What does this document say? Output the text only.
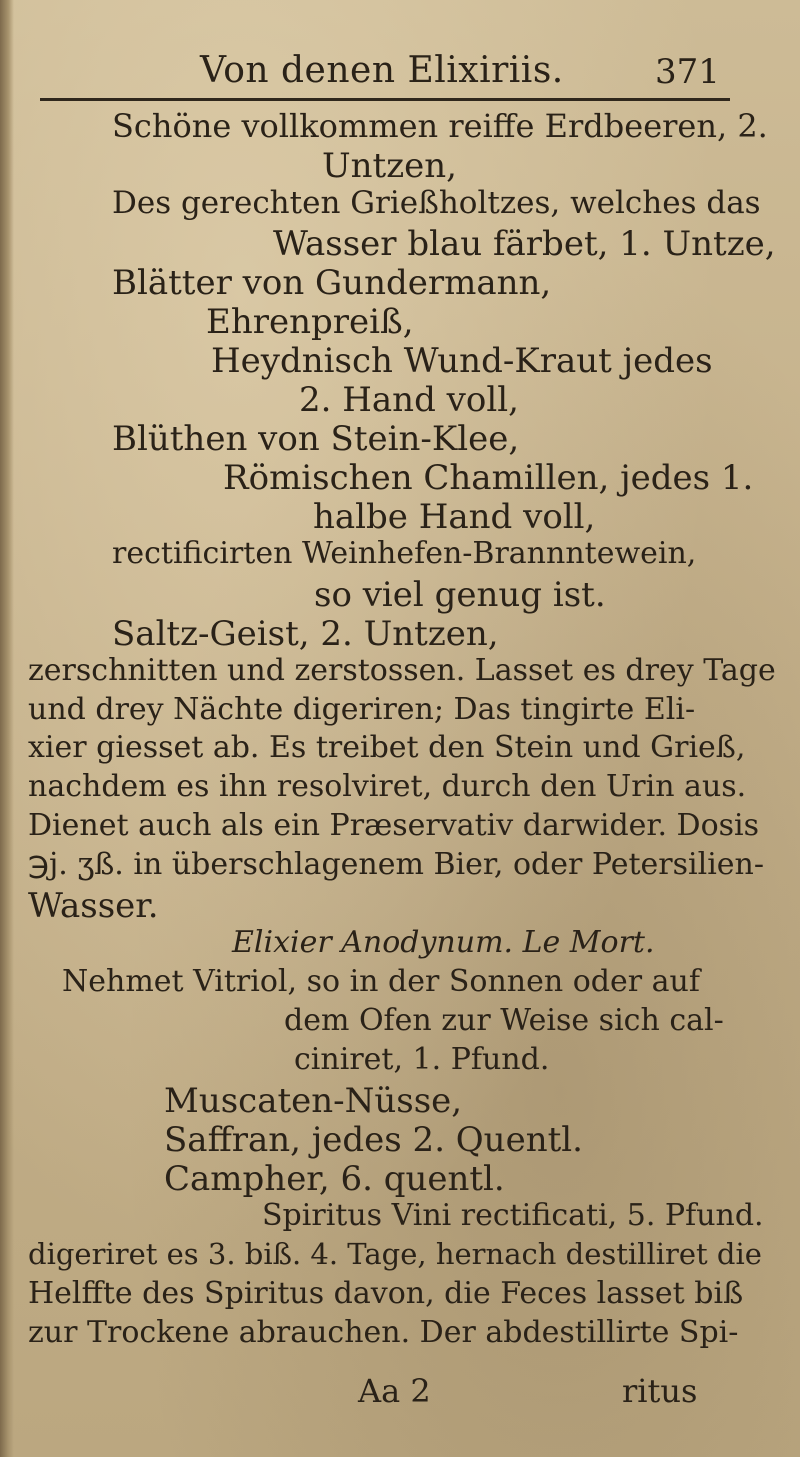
Von denen Elixiriis.	371
Schöne vollkommen reiffe Erdbeeren, 2.
Untzen,
Des gerechten Grießholtzes, welches das
Wasser blau färbet, 1. Untze,
Blätter von Gundermann,
Ehrenpreiß,
Heydnisch Wund-Kraut jedes
2. Hand voll,
Blüthen von Stein-Klee,
Römischen Chamillen, jedes 1.
halbe Hand voll,
rectificirten Weinhefen-Brannntewein,
so viel genug ist.
Saltz-Geist, 2. Untzen,
zerschnitten und zerstossen. Lasset es drey Tage
und drey Nächte digeriren; Das tingirte Eli-
xier giesset ab. Es treibet den Stein und Grieß,
nachdem es ihn resolviret, durch den Urin aus.
Dienet auch als ein Præservativ darwider. Dosis
℈j. ʒß. in überschlagenem Bier, oder Petersilien-
Wasser.
Elixier Anodynum. Le Mort.
Nehmet Vitriol, so in der Sonnen oder auf
dem Ofen zur Weise sich cal-
ciniret, 1. Pfund.
Muscaten-Nüsse,
Saffran, jedes 2. Quentl.
Campher, 6. quentl.
Spiritus Vini rectificati, 5. Pfund.
digeriret es 3. biß. 4. Tage, hernach destilliret die
Helffte des Spiritus davon, die Feces lasset biß
zur Trockene abrauchen. Der abdestillirte Spi-
Aa 2	ritus
